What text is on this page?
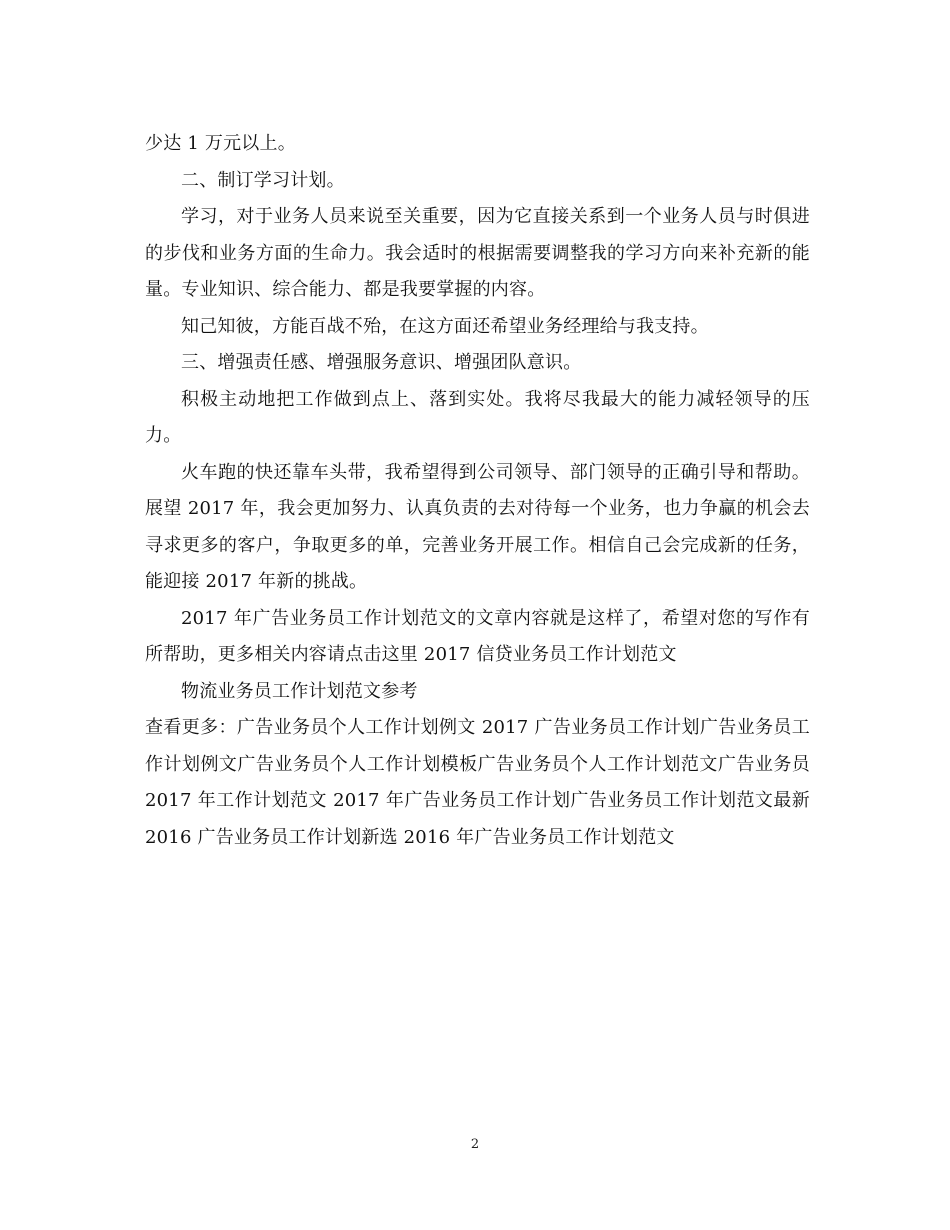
少达 1 万元以上。

二、制订学习计划。

学习，对于业务人员来说至关重要，因为它直接关系到一个业务人员与时俱进的步伐和业务方面的生命力。我会适时的根据需要调整我的学习方向来补充新的能量。专业知识、综合能力、都是我要掌握的内容。

知己知彼，方能百战不殆，在这方面还希望业务经理给与我支持。

三、增强责任感、增强服务意识、增强团队意识。

积极主动地把工作做到点上、落到实处。我将尽我最大的能力减轻领导的压力。

火车跑的快还靠车头带，我希望得到公司领导、部门领导的正确引导和帮助。展望 2017 年，我会更加努力、认真负责的去对待每一个业务，也力争赢的机会去寻求更多的客户，争取更多的单，完善业务开展工作。相信自己会完成新的任务，能迎接 2017 年新的挑战。

2017 年广告业务员工作计划范文的文章内容就是这样了，希望对您的写作有所帮助，更多相关内容请点击这里 2017 信贷业务员工作计划范文

物流业务员工作计划范文参考

查看更多：广告业务员个人工作计划例文 2017 广告业务员工作计划广告业务员工作计划例文广告业务员个人工作计划模板广告业务员个人工作计划范文广告业务员 2017 年工作计划范文 2017 年广告业务员工作计划广告业务员工作计划范文最新 2016 广告业务员工作计划新选 2016 年广告业务员工作计划范文

2
